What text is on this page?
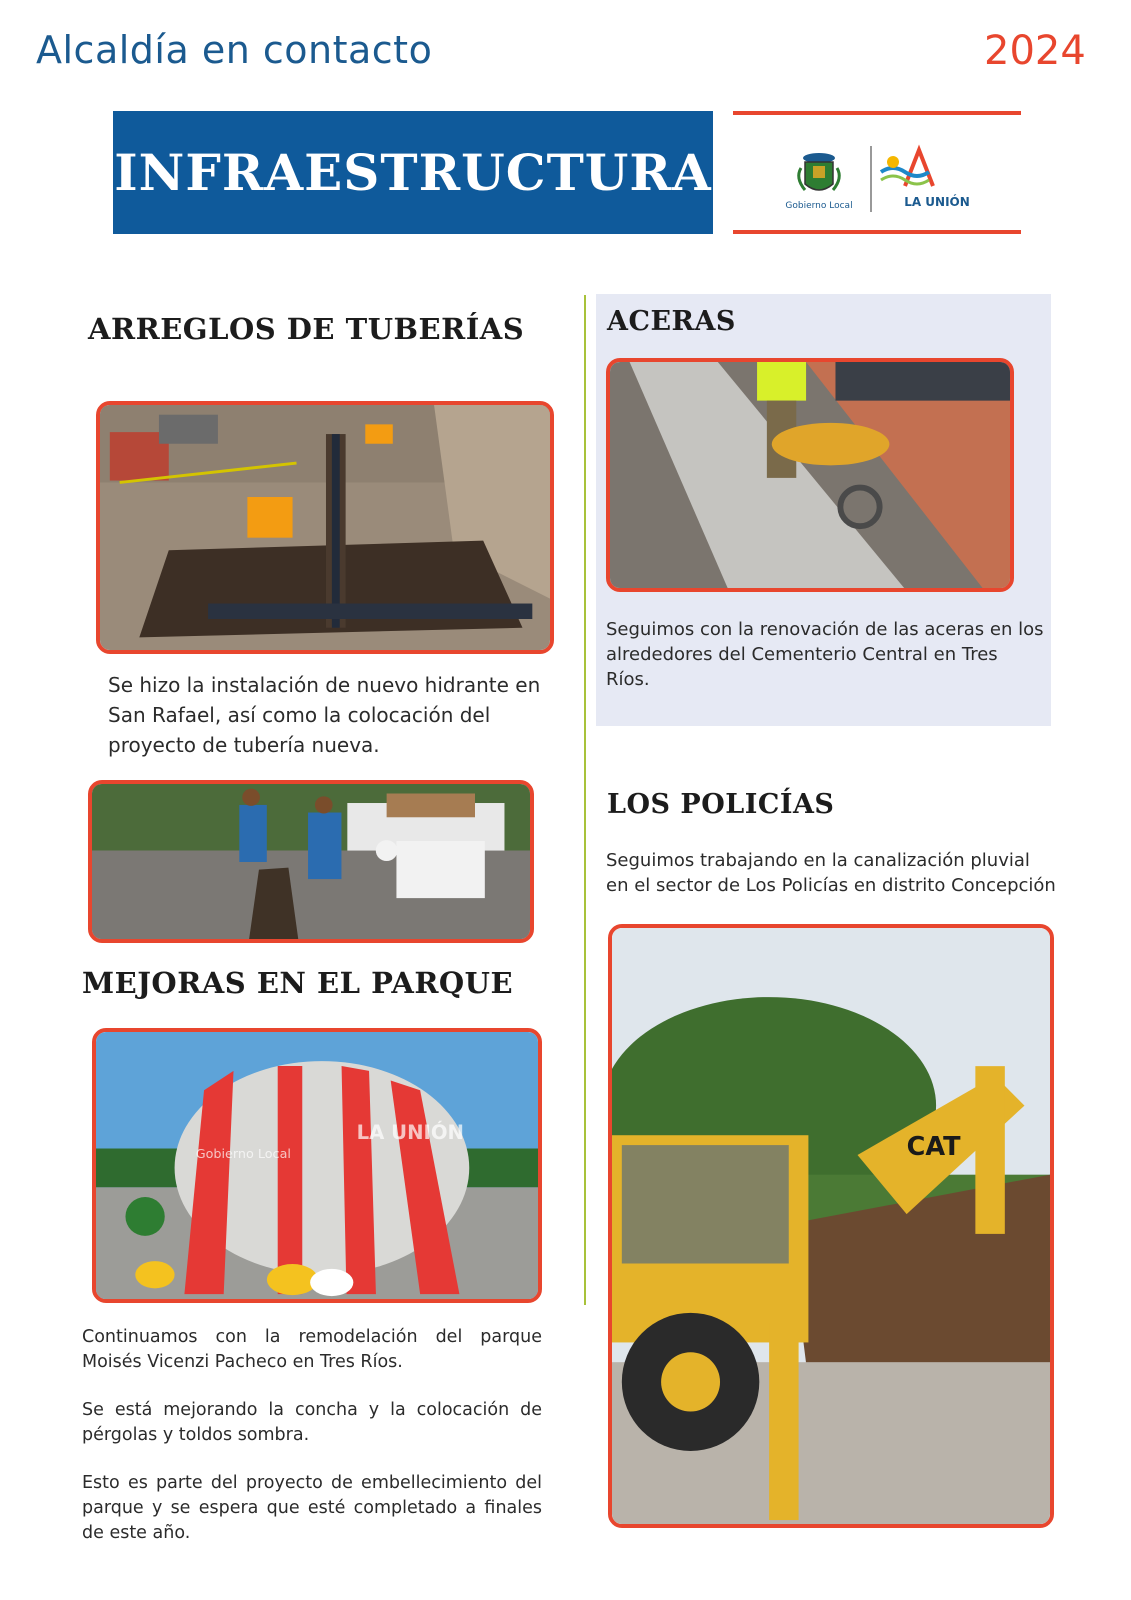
Alcaldía en contacto	2024
INFRAESTRUCTURA
Gobierno Local	LA UNIÓN
ARREGLOS DE TUBERÍAS
Se hizo la instalación de nuevo hidrante en San Rafael, así como la colocación del proyecto de tubería nueva.
MEJORAS EN EL PARQUE
Gobierno Local
LA UNIÓN
Continuamos con la remodelación del parque Moisés Vicenzi Pacheco en Tres Ríos.
Se está mejorando la concha y la colocación de pérgolas y toldos sombra.
Esto es parte del proyecto de embellecimiento del parque y se espera que esté completado a finales de este año.
ACERAS
Seguimos con la renovación de las aceras en los alrededores del Cementerio Central en Tres Ríos.
LOS POLICÍAS
Seguimos trabajando en la canalización pluvial en el sector de Los Policías en distrito Concepción
CAT
